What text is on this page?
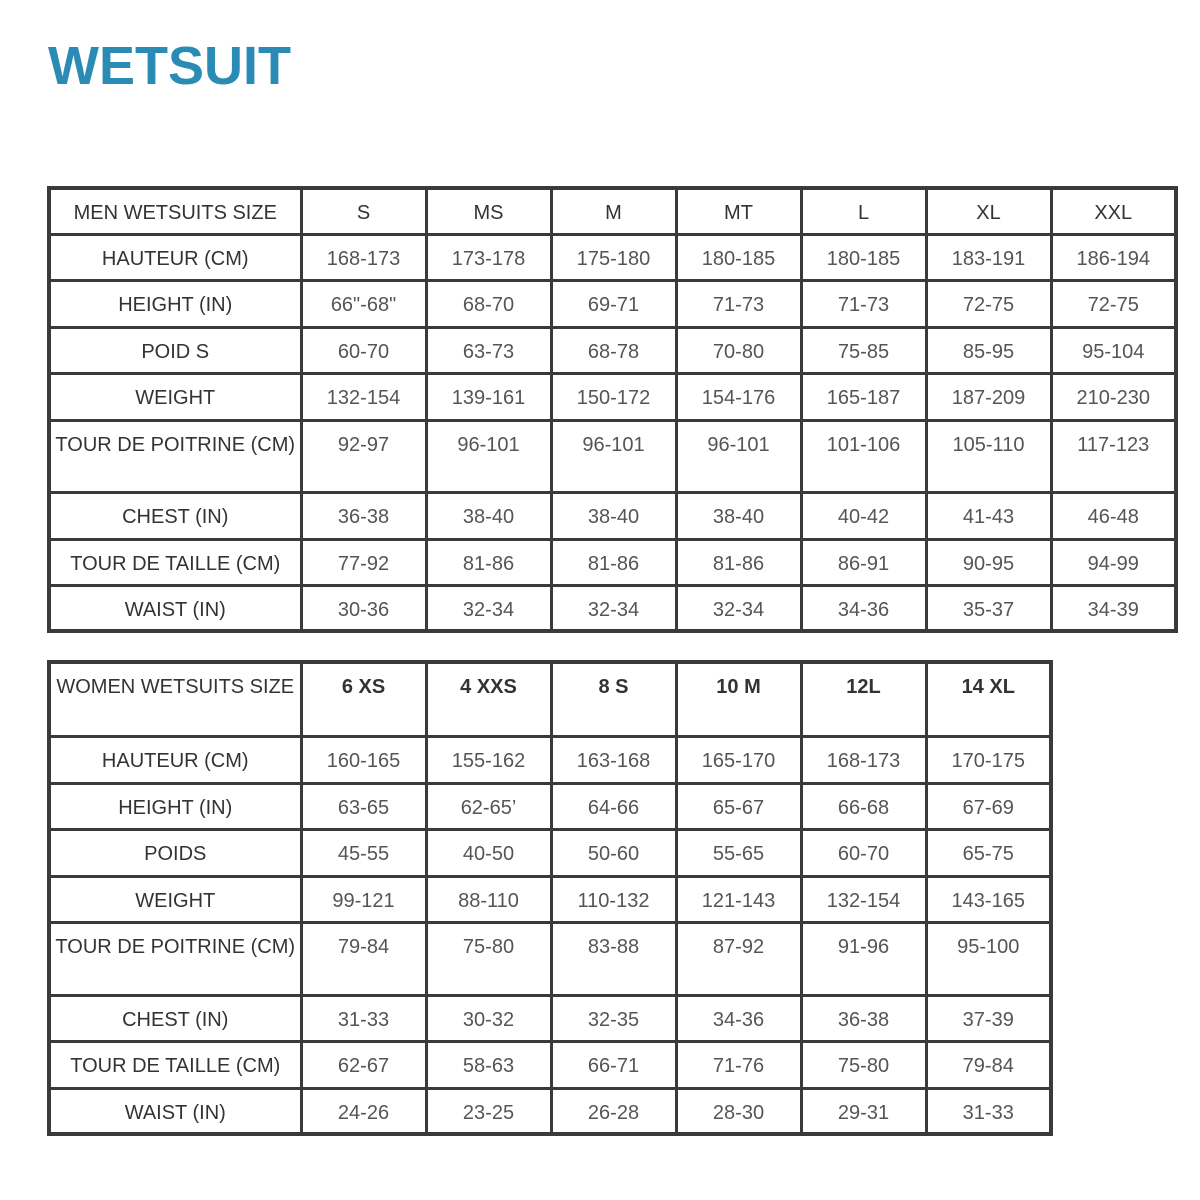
WETSUIT
MEN WETSUITS SIZE	S	MS	M	MT	L	XL	XXL
HAUTEUR (CM)	168-173	173-178	175-180	180-185	180-185	183-191	186-194
HEIGHT (IN)	66"-68"	68-70	69-71	71-73	71-73	72-75	72-75
POID S	60-70	63-73	68-78	70-80	75-85	85-95	95-104
WEIGHT	132-154	139-161	150-172	154-176	165-187	187-209	210-230
TOUR DE POITRINE (CM)	92-97	96-101	96-101	96-101	101-106	105-110	117-123
CHEST (IN)	36-38	38-40	38-40	38-40	40-42	41-43	46-48
TOUR DE TAILLE (CM)	77-92	81-86	81-86	81-86	86-91	90-95	94-99
WAIST (IN)	30-36	32-34	32-34	32-34	34-36	35-37	34-39
WOMEN WETSUITS SIZE	6 XS	4 XXS	8 S	10 M	12L	14 XL
HAUTEUR (CM)	160-165	155-162	163-168	165-170	168-173	170-175
HEIGHT (IN)	63-65	62-65’	64-66	65-67	66-68	67-69
POIDS	45-55	40-50	50-60	55-65	60-70	65-75
WEIGHT	99-121	88-110	110-132	121-143	132-154	143-165
TOUR DE POITRINE (CM)	79-84	75-80	83-88	87-92	91-96	95-100
CHEST (IN)	31-33	30-32	32-35	34-36	36-38	37-39
TOUR DE TAILLE (CM)	62-67	58-63	66-71	71-76	75-80	79-84
WAIST (IN)	24-26	23-25	26-28	28-30	29-31	31-33
